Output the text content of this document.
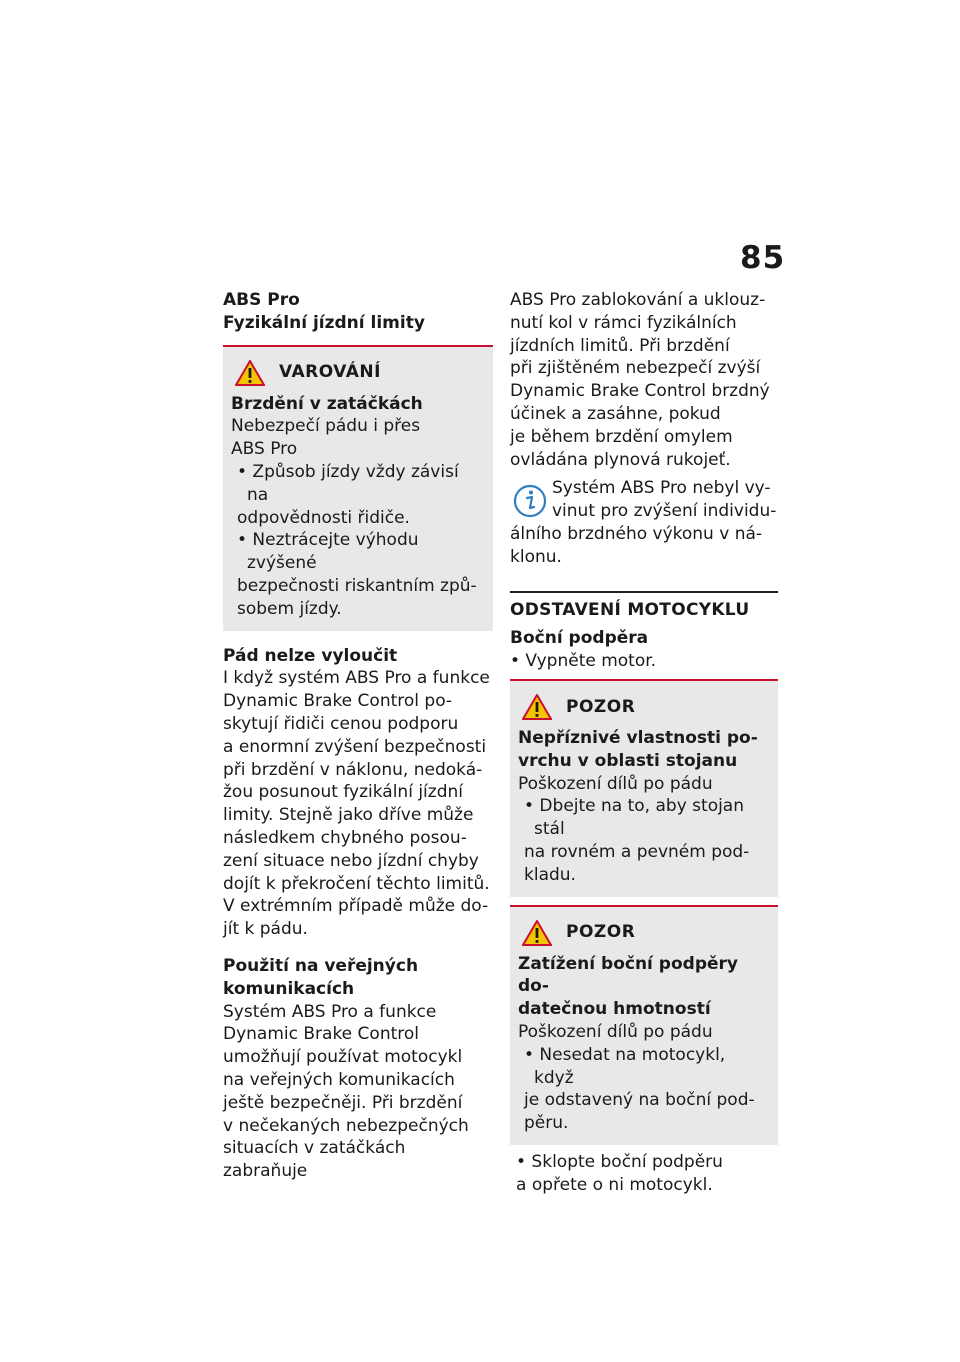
85
ABS Pro
Fyzikální jízdní limity
VAROVÁNÍ
Brzdění v zatáčkách
Nebezpečí pádu i přes
ABS Pro
• Způsob jízdy vždy závisí na
odpovědnosti řidiče.
• Neztrácejte výhodu zvýšené
bezpečnosti riskantním způ-
sobem jízdy.
Pád nelze vyloučit
I když systém ABS Pro a funkce
Dynamic Brake Control po-
skytují řidiči cenou podporu
a enormní zvýšení bezpečnosti
při brzdění v náklonu, nedoká-
žou posunout fyzikální jízdní
limity. Stejně jako dříve může
následkem chybného posou-
zení situace nebo jízdní chyby
dojít k překročení těchto limitů.
V extrémním případě může do-
jít k pádu.
Použití na veřejných
komunikacích
Systém ABS Pro a funkce
Dynamic Brake Control
umožňují používat motocykl
na veřejných komunikacích
ještě bezpečněji. Při brzdění
v nečekaných nebezpečných
situacích v zatáčkách zabraňuje
ABS Pro zablokování a uklouz-
nutí kol v rámci fyzikálních
jízdních limitů. Při brzdění
při zjištěném nebezpečí zvýší
Dynamic Brake Control brzdný
účinek a zasáhne, pokud
je během brzdění omylem
ovládána plynová rukojeť.
Systém ABS Pro nebyl vy-
vinut pro zvýšení individu-
álního brzdného výkonu v ná-
klonu.
ODSTAVENÍ MOTOCYKLU
Boční podpěra
• Vypněte motor.
POZOR
Nepříznivé vlastnosti po-
vrchu v oblasti stojanu
Poškození dílů po pádu
• Dbejte na to, aby stojan stál
na rovném a pevném pod-
kladu.
POZOR
Zatížení boční podpěry do-
datečnou hmotností
Poškození dílů po pádu
• Nesedat na motocykl, když
je odstavený na boční pod-
pěru.
• Sklopte boční podpěru
a opřete o ni motocykl.
